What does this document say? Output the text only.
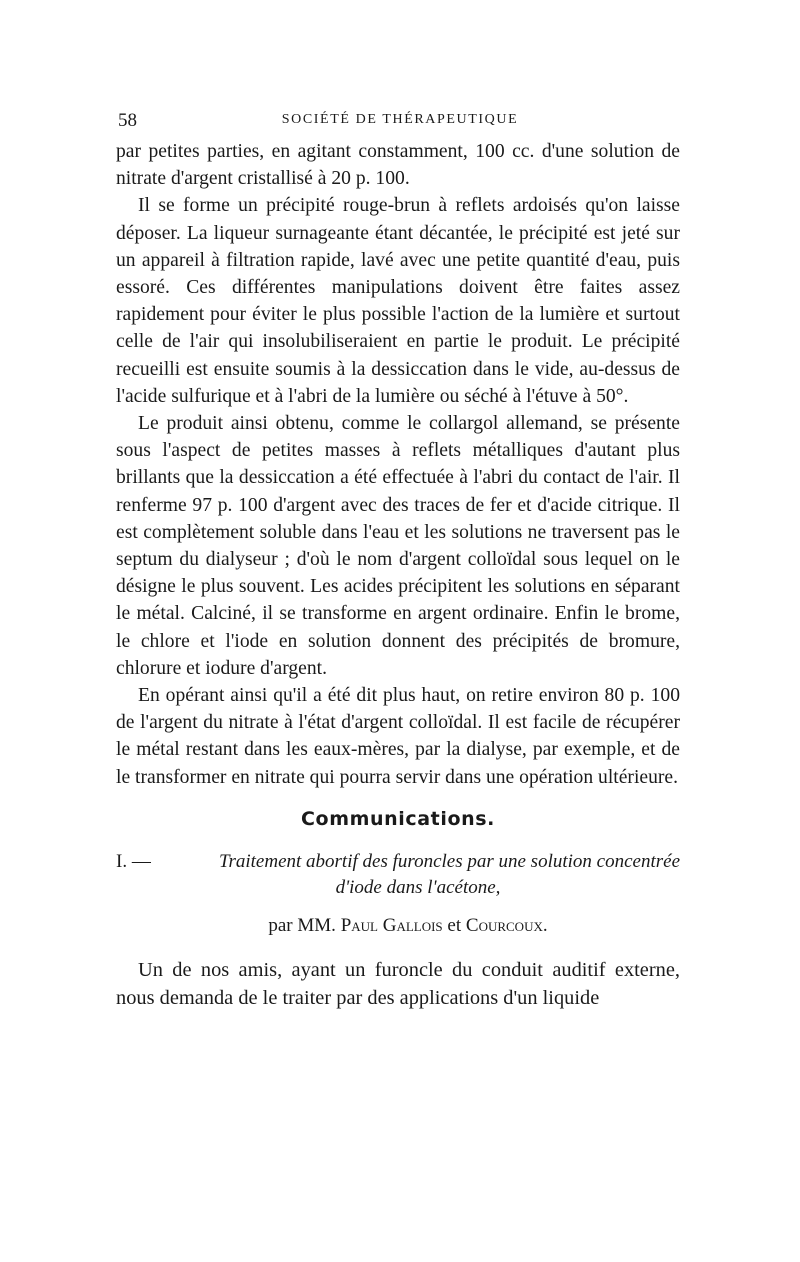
58	SOCIÉTÉ DE THÉRAPEUTIQUE

par petites parties, en agitant constamment, 100 cc. d'une solution de nitrate d'argent cristallisé à 20 p. 100.

Il se forme un précipité rouge-brun à reflets ardoisés qu'on laisse déposer. La liqueur surnageante étant décantée, le précipité est jeté sur un appareil à filtration rapide, lavé avec une petite quantité d'eau, puis essoré. Ces différentes manipulations doivent être faites assez rapidement pour éviter le plus possible l'action de la lumière et surtout celle de l'air qui insolubiliseraient en partie le produit. Le précipité recueilli est ensuite soumis à la dessiccation dans le vide, au-dessus de l'acide sulfurique et à l'abri de la lumière ou séché à l'étuve à 50°.

Le produit ainsi obtenu, comme le collargol allemand, se présente sous l'aspect de petites masses à reflets métalliques d'autant plus brillants que la dessiccation a été effectuée à l'abri du contact de l'air. Il renferme 97 p. 100 d'argent avec des traces de fer et d'acide citrique. Il est complètement soluble dans l'eau et les solutions ne traversent pas le septum du dialyseur ; d'où le nom d'argent colloïdal sous lequel on le désigne le plus souvent. Les acides précipitent les solutions en séparant le métal. Calciné, il se transforme en argent ordinaire. Enfin le brome, le chlore et l'iode en solution donnent des précipités de bromure, chlorure et iodure d'argent.

En opérant ainsi qu'il a été dit plus haut, on retire environ 80 p. 100 de l'argent du nitrate à l'état d'argent colloïdal. Il est facile de récupérer le métal restant dans les eaux-mères, par la dialyse, par exemple, et de le transformer en nitrate qui pourra servir dans une opération ultérieure.

Communications.
I. —	Traitement abortif des furoncles par une solution concentrée
d'iode dans l'acétone,
par MM. Paul Gallois et Courcoux.

Un de nos amis, ayant un furoncle du conduit auditif externe, nous demanda de le traiter par des applications d'un liquide
